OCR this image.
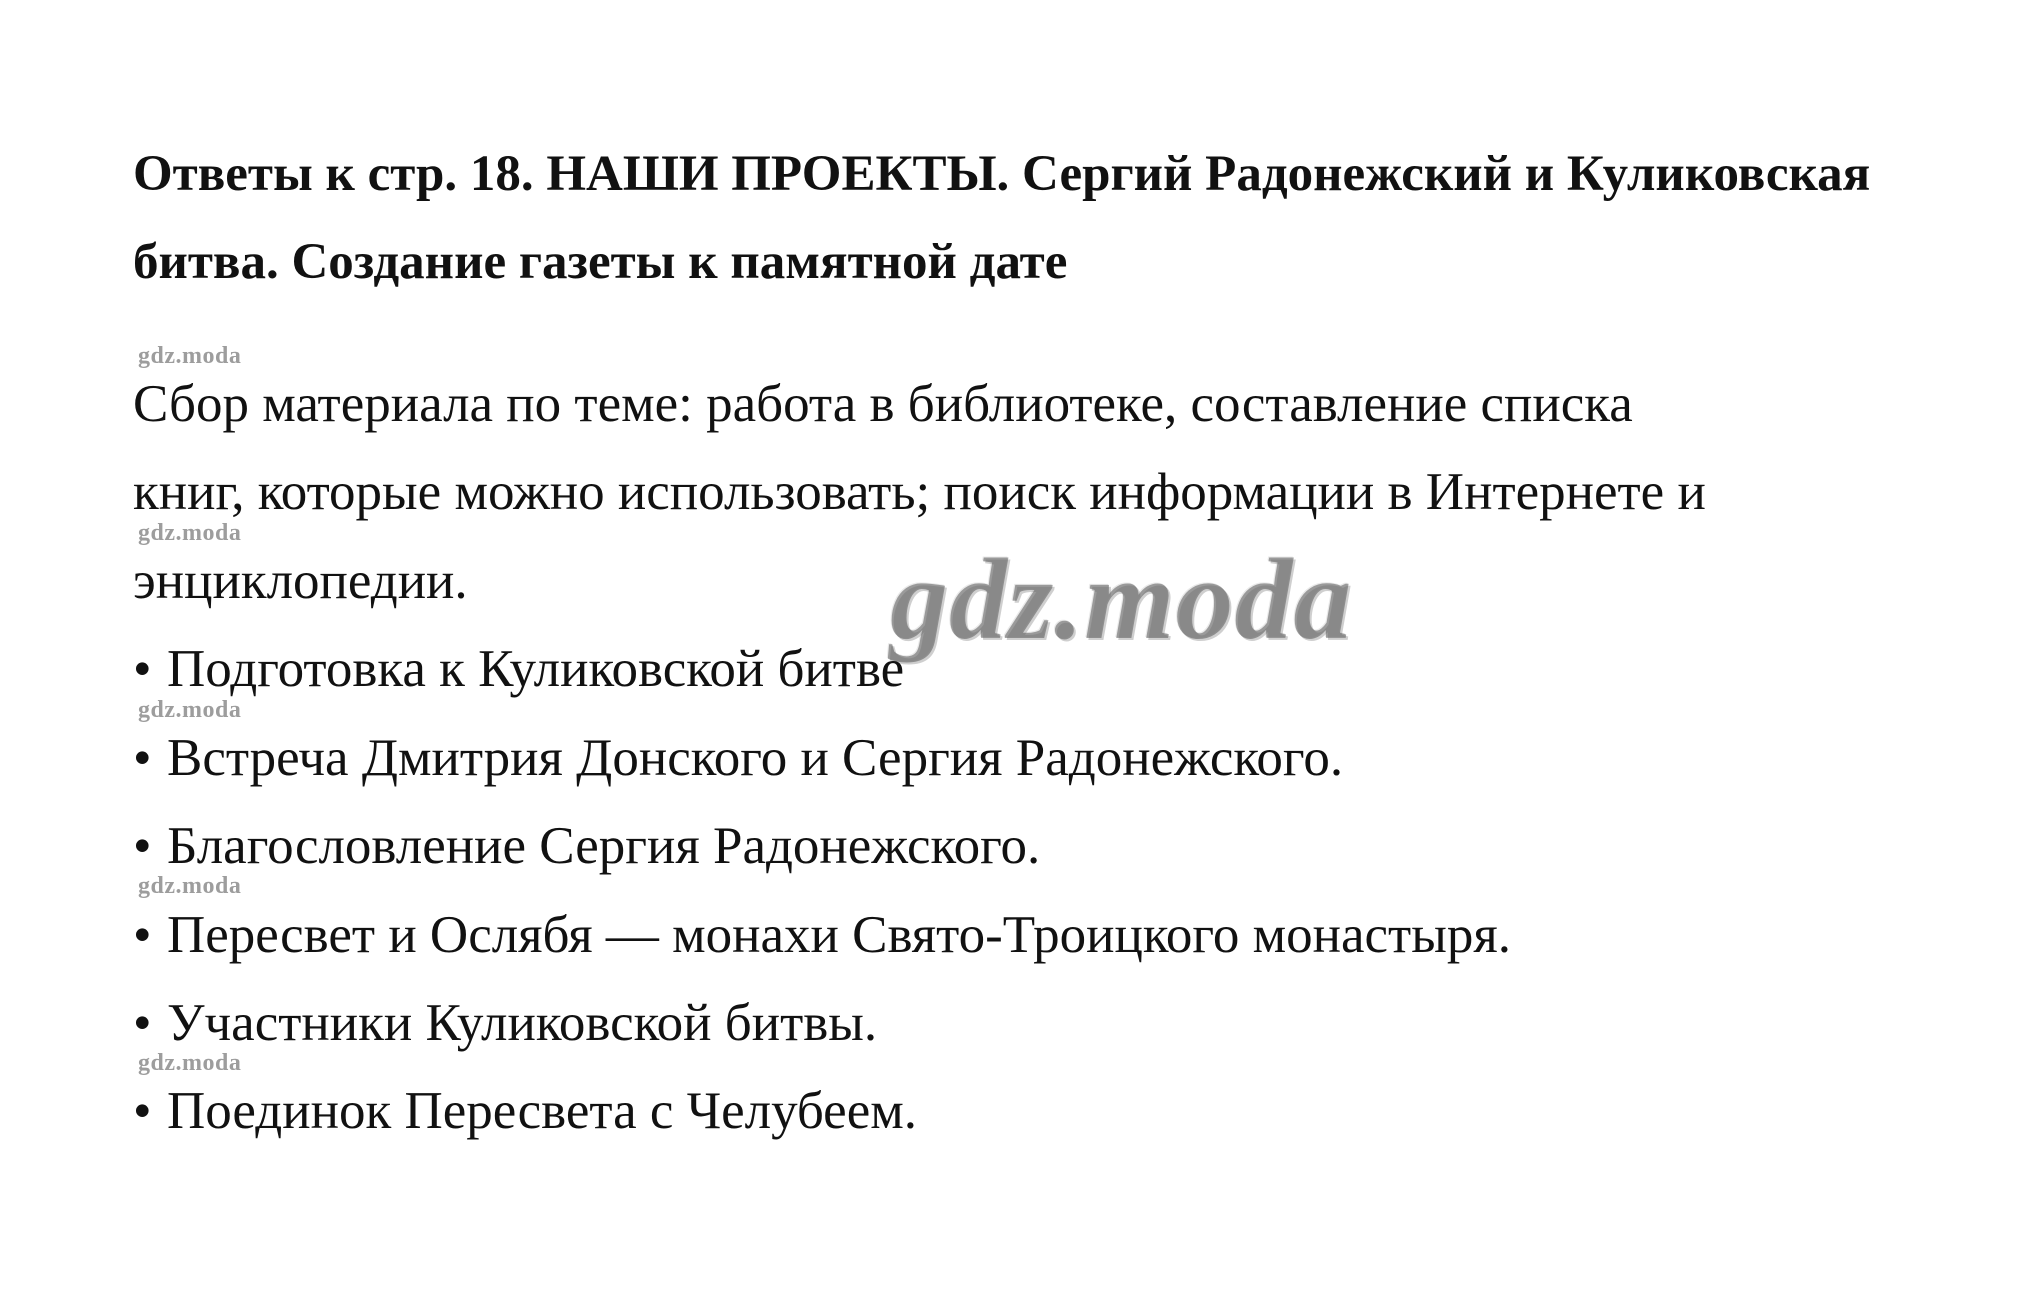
Ответы к стр. 18. НАШИ ПРОЕКТЫ. Сергий Радонежский и Куликовская битва. Создание газеты к памятной дате
gdz.moda

Сбор материала по теме: работа в библиотеке, составление списка

книг, которые можно использовать; поиск информации в Интернете и

gdz.moda

энциклопедии.	gdz.moda

• Подготовка к Куликовской битве

gdz.moda

• Встреча Дмитрия Донского и Сергия Радонежского.

• Благословление Сергия Радонежского.

gdz.moda

• Пересвет и Ослябя — монахи Свято-Троицкого монастыря.

• Участники Куликовской битвы.

gdz.moda

• Поединок Пересвета с Челубеем.
